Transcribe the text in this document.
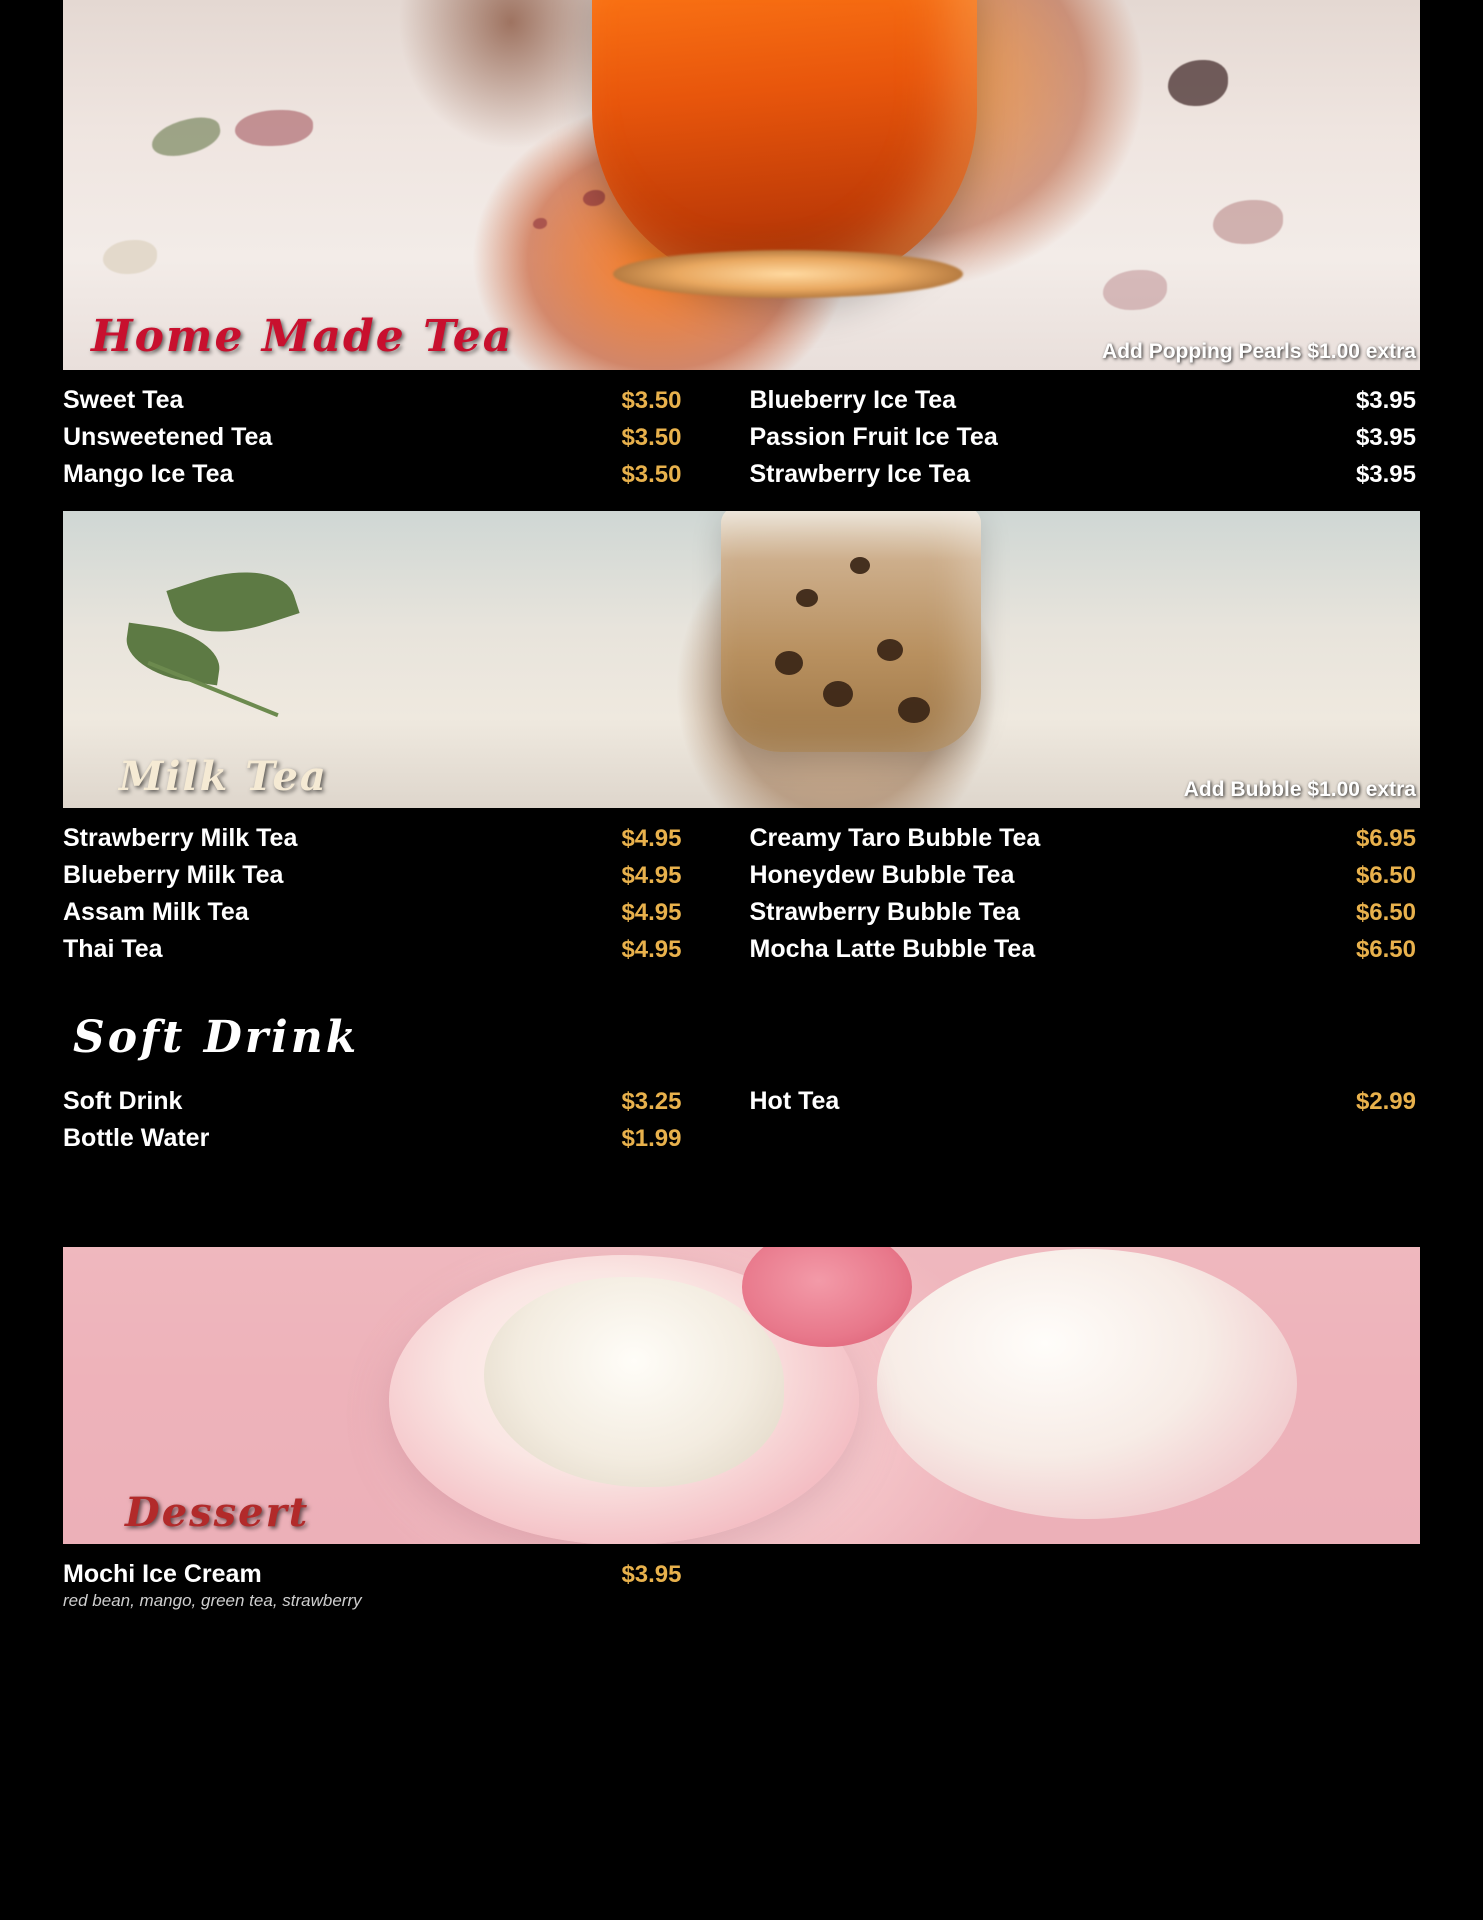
Home Made Tea	Add Popping Pearls $1.00 extra
Sweet Tea	$3.50	Blueberry Ice Tea	$3.95
Unsweetened Tea	$3.50	Passion Fruit Ice Tea	$3.95
Mango Ice Tea	$3.50	Strawberry Ice Tea	$3.95
Milk Tea	Add Bubble $1.00 extra
Strawberry Milk Tea	$4.95	Creamy Taro Bubble Tea	$6.95
Blueberry Milk Tea	$4.95	Honeydew Bubble Tea	$6.50
Assam Milk Tea	$4.95	Strawberry Bubble Tea	$6.50
Thai Tea	$4.95	Mocha Latte Bubble Tea	$6.50
Soft Drink
Soft Drink	$3.25	Hot Tea	$2.99
Bottle Water	$1.99
Dessert
Mochi Ice Cream	$3.95
red bean, mango, green tea, strawberry
